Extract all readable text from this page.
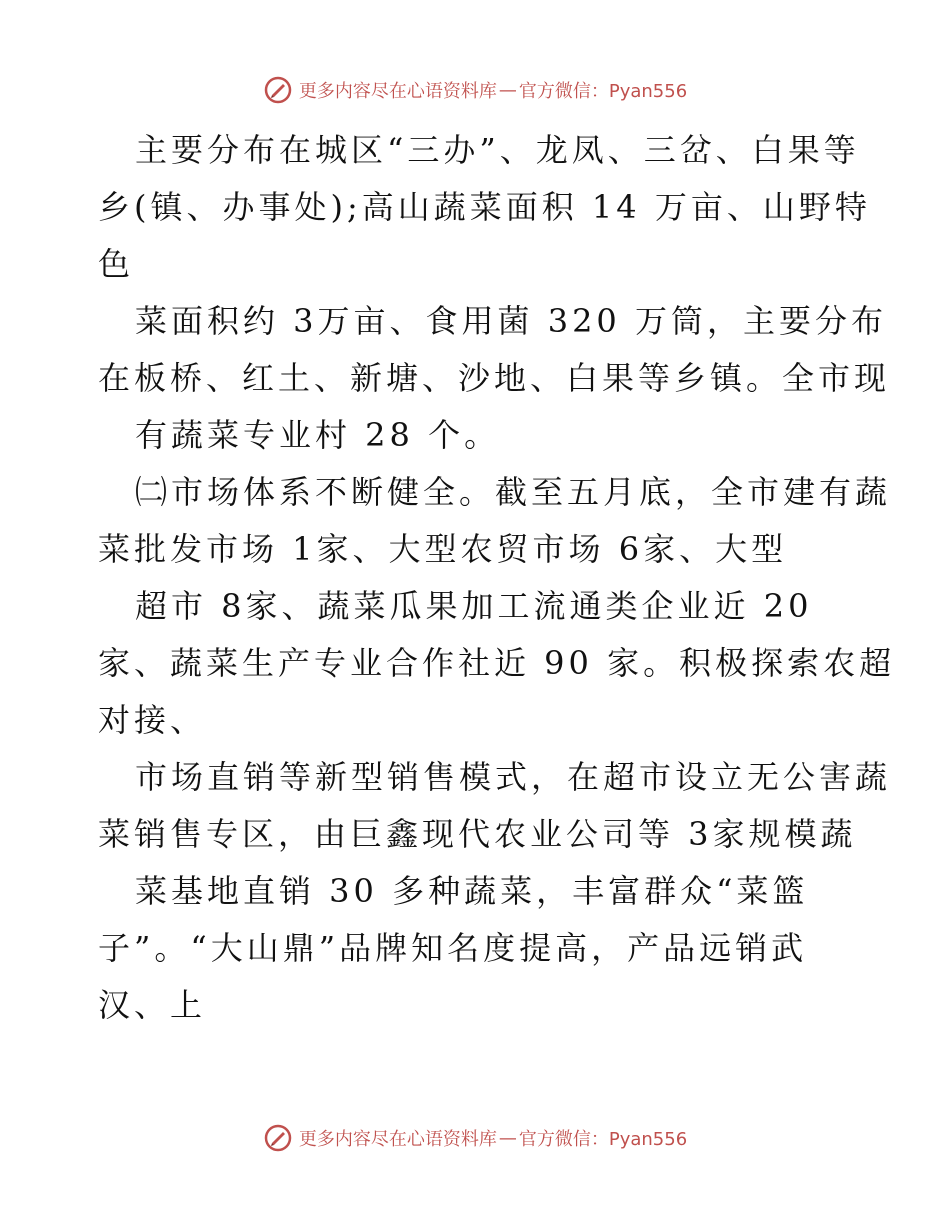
更多内容尽在心语资料库 — 官方微信：Pyan556
主要分布在城区“三办”、龙凤、三岔、白果等
乡(镇、办事处);高山蔬菜面积 14 万亩、山野特
色
菜面积约 3万亩、食用菌 320 万筒，主要分布
在板桥、红土、新塘、沙地、白果等乡镇。全市现
有蔬菜专业村 28 个。
㈡市场体系不断健全。截至五月底，全市建有蔬
菜批发市场 1家、大型农贸市场 6家、大型
超市 8家、蔬菜瓜果加工流通类企业近 20
家、蔬菜生产专业合作社近 90 家。积极探索农超
对接、
市场直销等新型销售模式，在超市设立无公害蔬
菜销售专区，由巨鑫现代农业公司等 3家规模蔬
菜基地直销 30 多种蔬菜，丰富群众“菜篮
子”。“大山鼎”品牌知名度提高，产品远销武
汉、上
更多内容尽在心语资料库 — 官方微信：Pyan556
